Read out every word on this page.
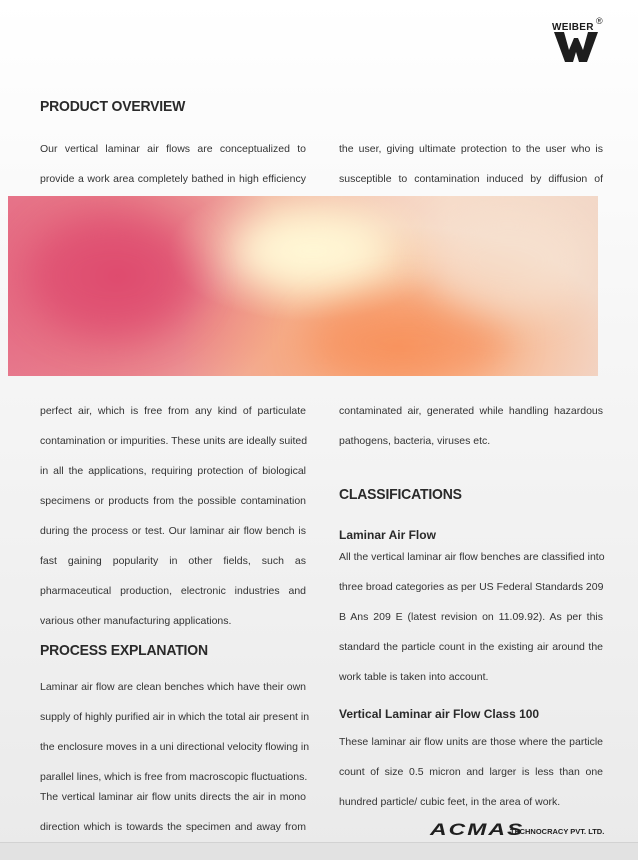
WEIBER
®
PRODUCT OVERVIEW
Our vertical laminar air flows are conceptualized to
provide a work area completely bathed in high efficiency
the user, giving ultimate protection to the user who is
susceptible to contamination induced by diffusion of
perfect air, which is free from any kind of particulate
contamination or impurities. These units are ideally suited
in all the applications, requiring protection of biological
specimens or products from the possible contamination
during the process or test. Our laminar air flow bench is
fast gaining popularity in other fields, such as
pharmaceutical production, electronic industries and
various other manufacturing applications.
contaminated air, generated while handling hazardous
pathogens, bacteria, viruses etc.
CLASSIFICATIONS
Laminar Air Flow
All the vertical laminar air flow benches are classified into
three broad categories as per US Federal Standards 209
B Ans 209 E (latest revision on 11.09.92). As per this
standard the particle count in the existing air around the
work table is taken into account.
PROCESS EXPLANATION
Laminar air flow are clean benches which have their own
supply of highly purified air in which the total air present in
the enclosure moves in a uni directional velocity flowing in
parallel lines, which is free from macroscopic fluctuations.
The vertical laminar air flow units directs the air in mono
direction which is towards the specimen and away from
Vertical Laminar air Flow Class 100
These laminar air flow units are those where the particle
count of size 0.5 micron and larger is less than one
hundred particle/ cubic feet, in the area of work.
ACMAS
TECHNOCRACY PVT. LTD.
